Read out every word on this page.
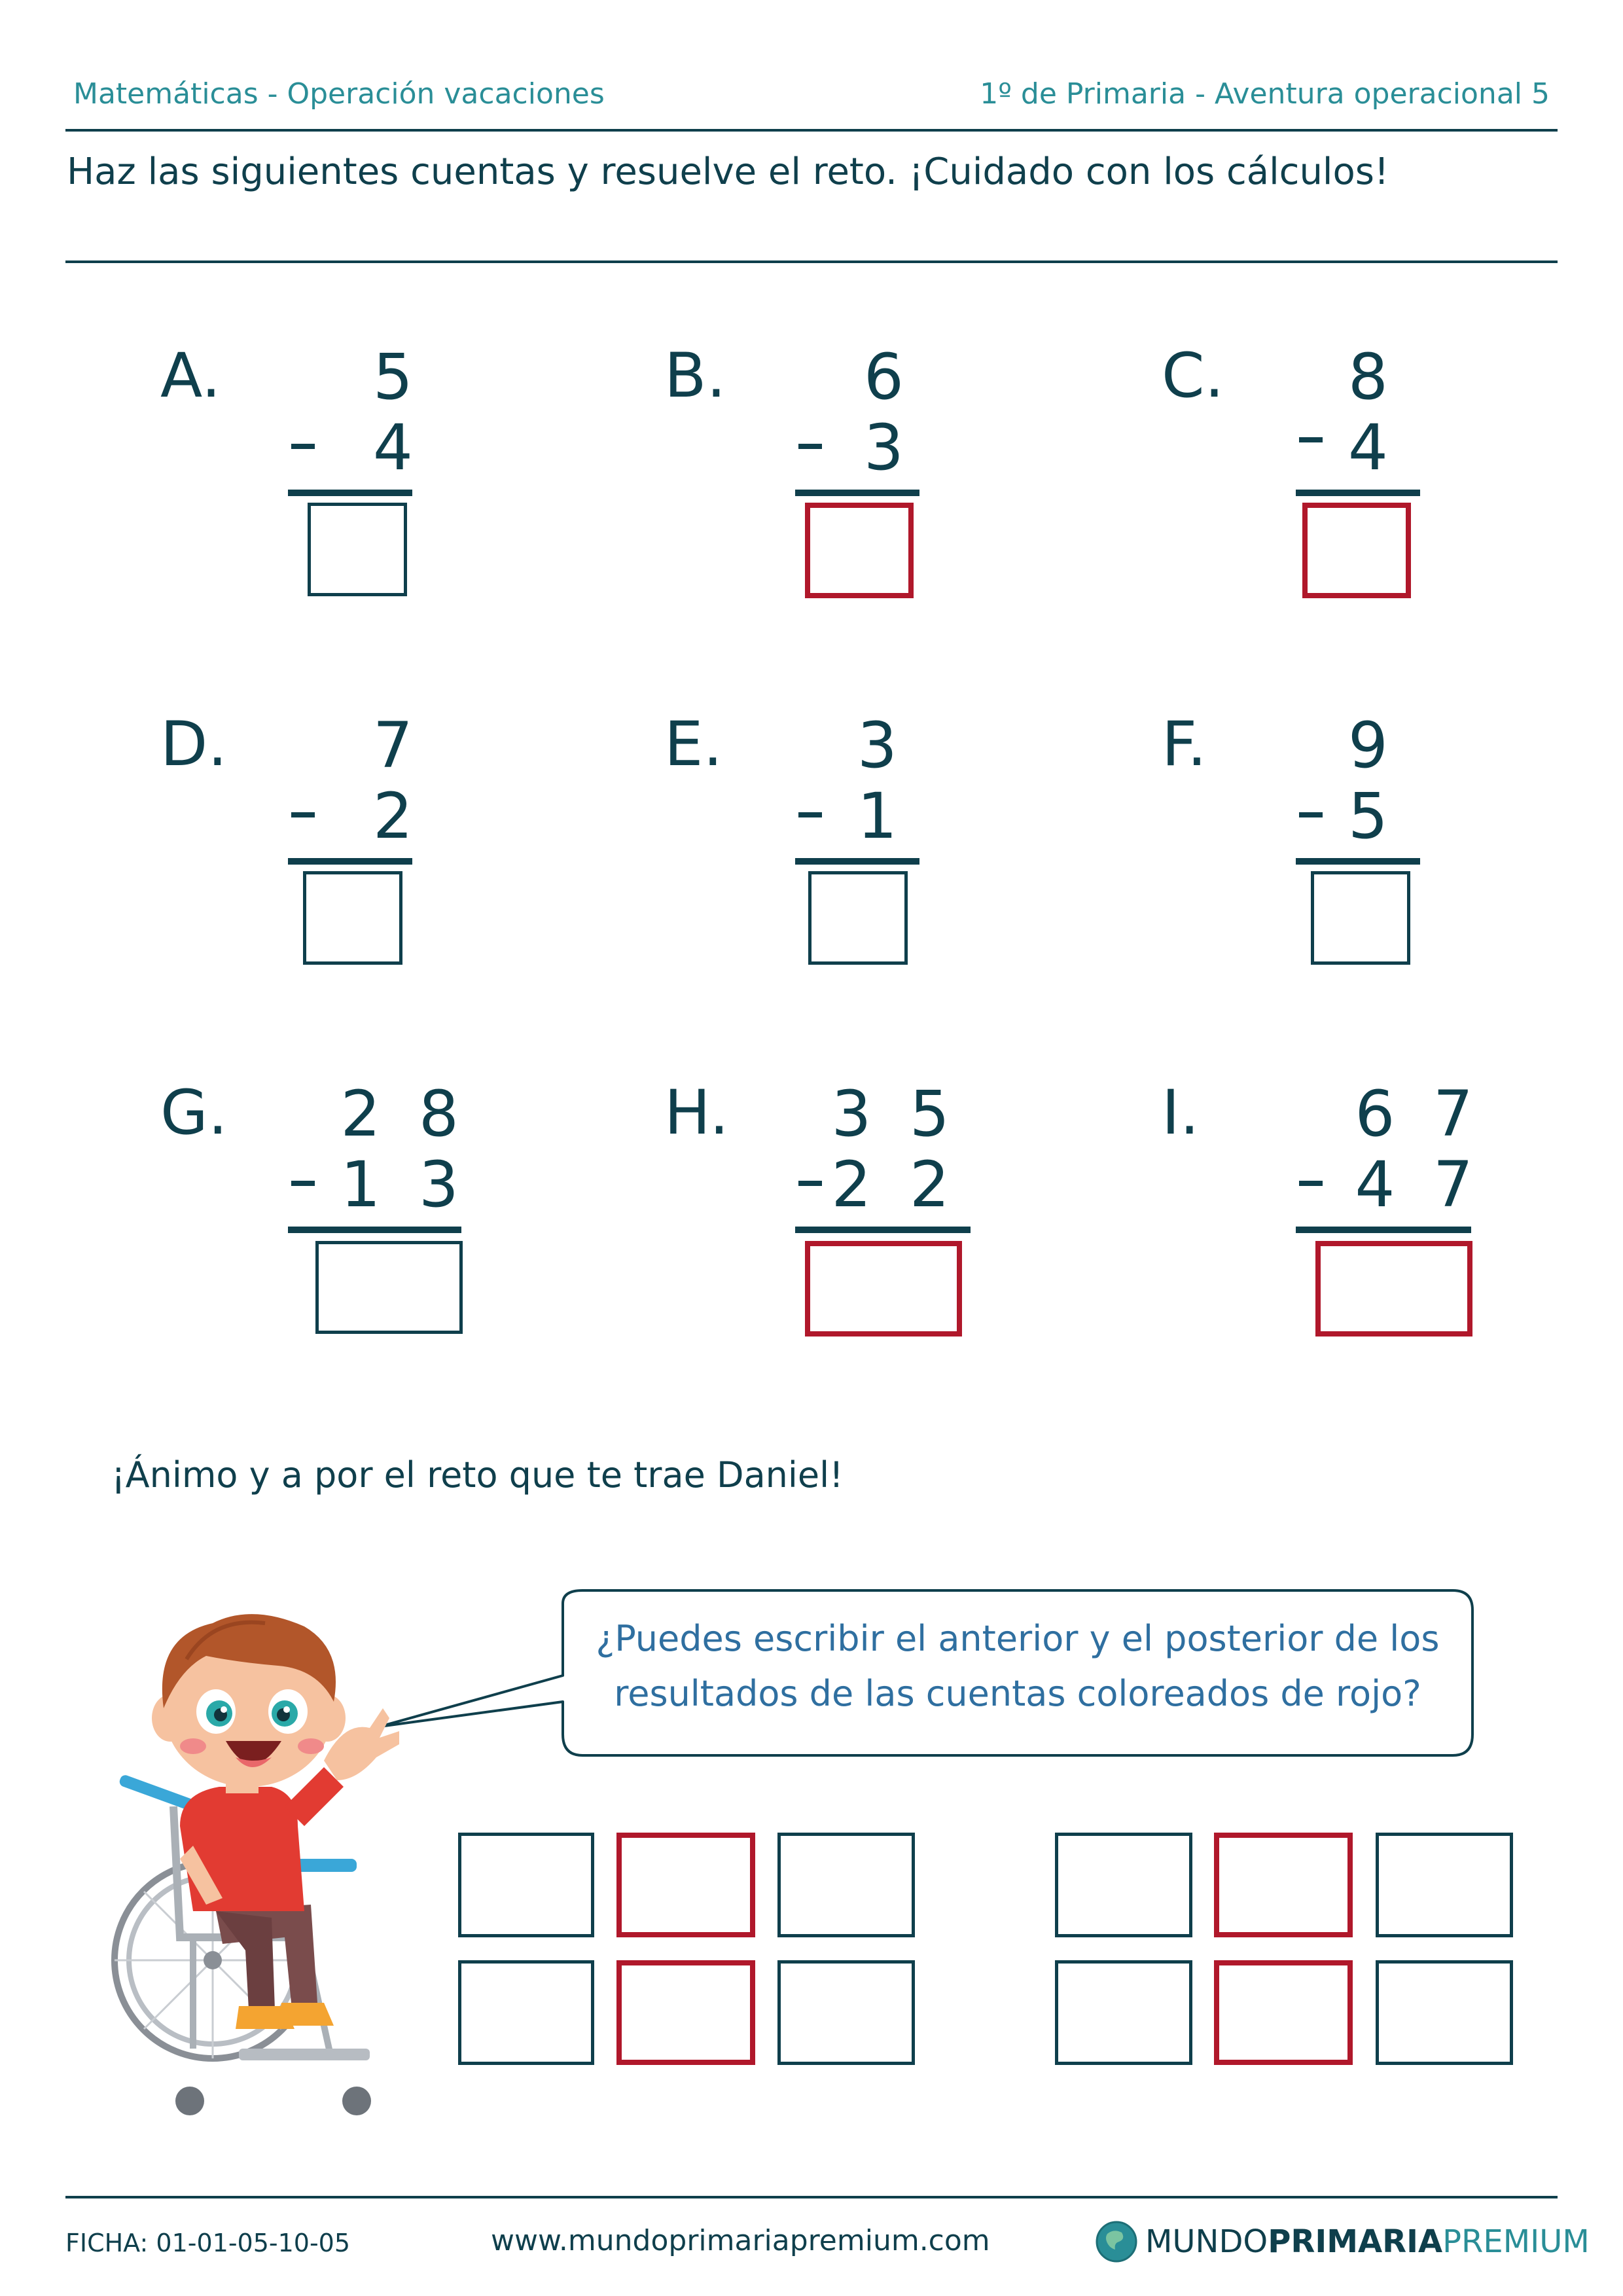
Matemáticas - Operación vacaciones	1º de Primaria - Aventura operacional 5
Haz las siguientes cuentas y resuelve el reto. ¡Cuidado con los cálculos!
A.	5
4
B.	6
3
C.	8
4
D.	7
2
E.	3
1
F.	9
5
G. 2 8
1 3
H. 3 5
2 2
I. 6 7
4 7
¡Ánimo y a por el reto que te trae Daniel!
¿Puedes escribir el anterior y el posterior de los
resultados de las cuentas coloreados de rojo?
FICHA: 01-01-05-10-05	www.mundoprimariapremium.com	MUNDO PRIMARIA PREMIUM
